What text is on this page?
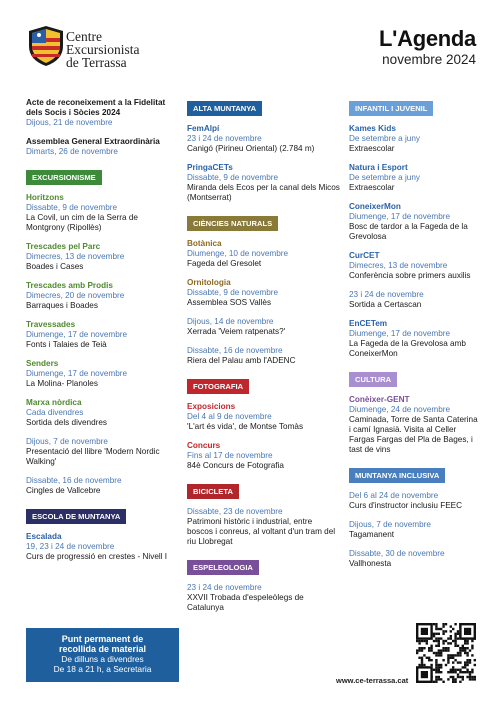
Centre
Excursionista
de Terrassa
L'Agenda
novembre 2024
Acte de reconeixement a la Fidelitat dels Socis i Sòcies 2024
Dijous, 21 de novembre
Assemblea General Extraordinària
Dimarts, 26 de novembre
EXCURSIONISME
Horitzons
Dissabte, 9 de novembre
La Covil, un cim de la Serra de Montgrony (Ripollès)
Trescades pel Parc
Dimecres, 13 de novembre
Boades i Cases
Trescades amb Prodis
Dimecres, 20 de novembre
Barraques i Boades
Travessades
Diumenge, 17 de novembre
Fonts i Talaies de Teià
Senders
Diumenge, 17 de novembre
La Molina- Planoles
Marxa nòrdica
Cada divendres
Sortida dels divendres
Dijous, 7 de novembre
Presentació del llibre 'Modern Nordic Walking'
Dissabte, 16 de novembre
Cingles de Vallcebre
ESCOLA DE MUNTANYA
Escalada
19, 23 i 24 de novembre
Curs de progressió en crestes - Nivell I
Punt permanent de
recollida de material
De dilluns a divendres
De 18 a 21 h, a Secretaria
ALTA MUNTANYA
FemAlpí
23 i 24 de novembre
Canigó (Pirineu Oriental) (2.784 m)
PringaCETs
Dissabte, 9 de novembre
Miranda dels Ecos per la canal dels Micos (Montserrat)
CIÈNCIES NATURALS
Botànica
Diumenge, 10 de novembre
Fageda del Gresolet
Ornitologia
Dissabte, 9 de novembre
Assemblea SOS Vallès
Dijous, 14 de novembre
Xerrada 'Veiem ratpenats?'
Dissabte, 16 de novembre
Riera del Palau amb l'ADENC
FOTOGRAFIA
Exposicions
Del 4 al 9 de novembre
'L'art és vida', de Montse Tomàs
Concurs
Fins al 17 de novembre
84è Concurs de Fotografia
BICICLETA
Dissabte, 23 de novembre
Patrimoni històric i industrial, entre boscos i conreus, al voltant d'un tram del riu Llobregat
ESPELEOLOGIA
23 i 24 de novembre
XXVII Trobada d'espeleòlegs de Catalunya
INFANTIL I JUVENIL
Kames Kids
De setembre a juny
Extraescolar
Natura i Esport
De setembre a juny
Extraescolar
ConeixerMon
Diumenge, 17 de novembre
Bosc de tardor a la Fageda de la Grevolosa
CurCET
Dimecres, 13 de novembre
Conferència sobre primers auxilis
23 i 24 de novembre
Sortida a Certascan
EnCETem
Diumenge, 17 de novembre
La Fageda de la Grevolosa amb ConeixerMon
CULTURA
Conèixer-GENT
Diumenge, 24 de novembre
Caminada, Torre de Santa Caterina i camí Ignasià. Visita al Celler Fargas Fargas del Pla de Bages, i tast de vins
MUNTANYA INCLUSIVA
Del 6 al 24 de novembre
Curs d'instructor inclusiu FEEC
Dijous, 7 de novembre
Tagamanent
Dissabte, 30 de novembre
Vallhonesta
www.ce-terrassa.cat
